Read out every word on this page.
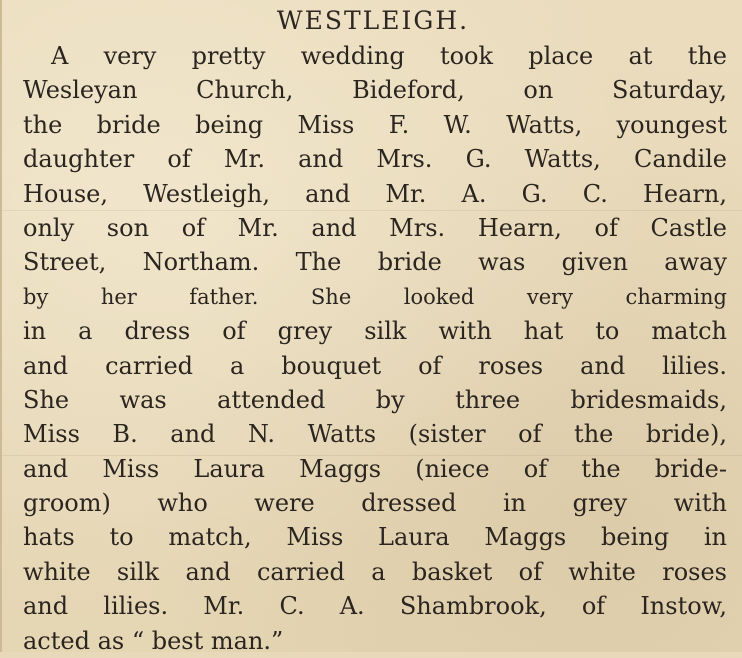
WESTLEIGH.
A very pretty wedding took place at the
Wesleyan Church, Bideford, on Saturday,
the bride being Miss F. W. Watts, youngest
daughter of Mr. and Mrs. G. Watts, Candile
House, Westleigh, and Mr. A. G. C. Hearn,
only son of Mr. and Mrs. Hearn, of Castle
Street, Northam. The bride was given away
by her father. She looked very charming
in a dress of grey silk with hat to match
and carried a bouquet of roses and lilies.
She was attended by three bridesmaids,
Miss B. and N. Watts (sister of the bride),
and Miss Laura Maggs (niece of the bride-
groom) who were dressed in grey with
hats to match, Miss Laura Maggs being in
white silk and carried a basket of white roses
and lilies. Mr. C. A. Shambrook, of Instow,
acted as “ best man.”
